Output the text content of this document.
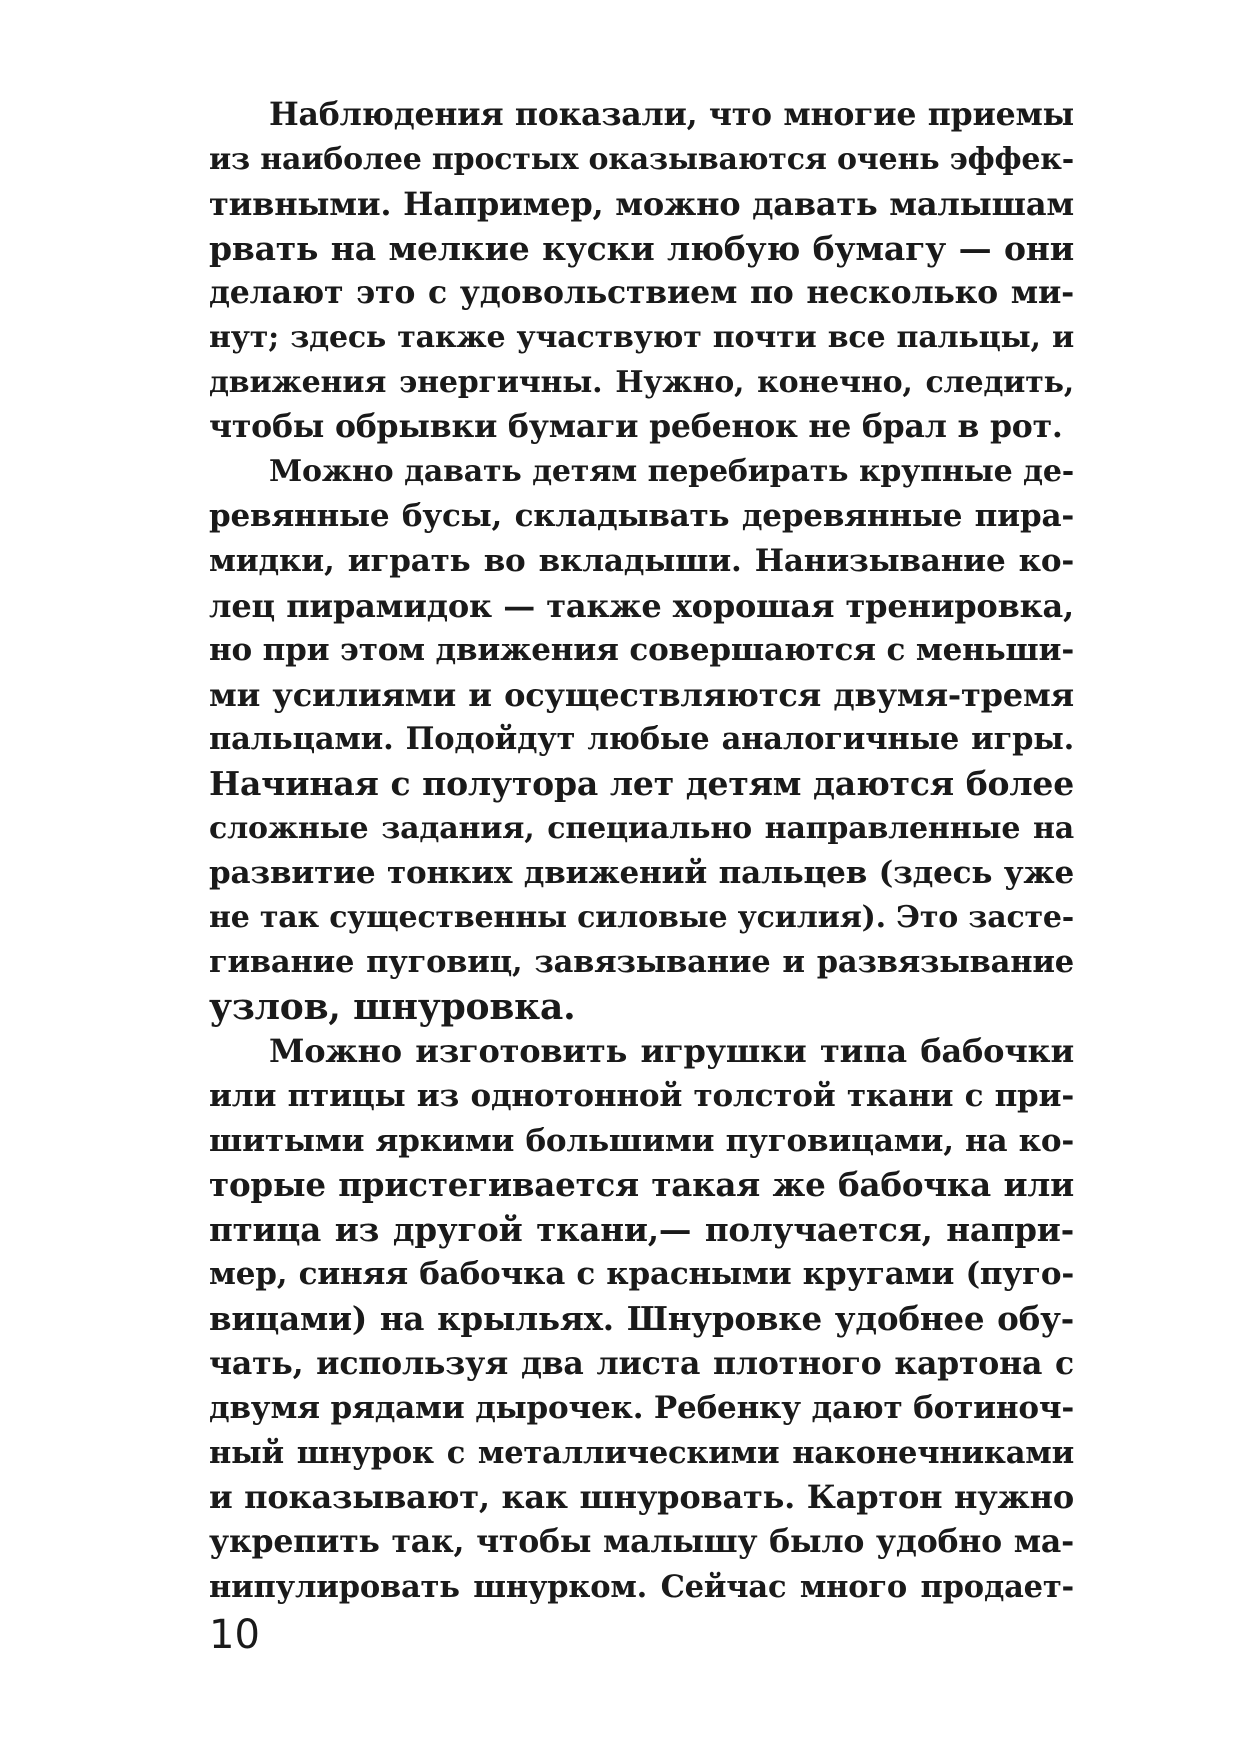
Наблюдения показали, что многие приемы
из наиболее простых оказываются очень эффек-
тивными. Например, можно давать малышам
рвать на мелкие куски любую бумагу — они
делают это с удовольствием по несколько ми-
нут; здесь также участвуют почти все пальцы, и
движения энергичны. Нужно, конечно, следить,
чтобы обрывки бумаги ребенок не брал в рот.
Можно давать детям перебирать крупные де-
ревянные бусы, складывать деревянные пира-
мидки, играть во вкладыши. Нанизывание ко-
лец пирамидок — также хорошая тренировка,
но при этом движения совершаются с меньши-
ми усилиями и осуществляются двумя-тремя
пальцами. Подойдут любые аналогичные игры.
Начиная с полутора лет детям даются более
сложные задания, специально направленные на
развитие тонких движений пальцев (здесь уже
не так существенны силовые усилия). Это засте-
гивание пуговиц, завязывание и развязывание
узлов, шнуровка.
Можно изготовить игрушки типа бабочки
или птицы из однотонной толстой ткани с при-
шитыми яркими большими пуговицами, на ко-
торые пристегивается такая же бабочка или
птица из другой ткани,— получается, напри-
мер, синяя бабочка с красными кругами (пуго-
вицами) на крыльях. Шнуровке удобнее обу-
чать, используя два листа плотного картона с
двумя рядами дырочек. Ребенку дают ботиноч-
ный шнурок с металлическими наконечниками
и показывают, как шнуровать. Картон нужно
укрепить так, чтобы малышу было удобно ма-
нипулировать шнурком. Сейчас много продает-
10
